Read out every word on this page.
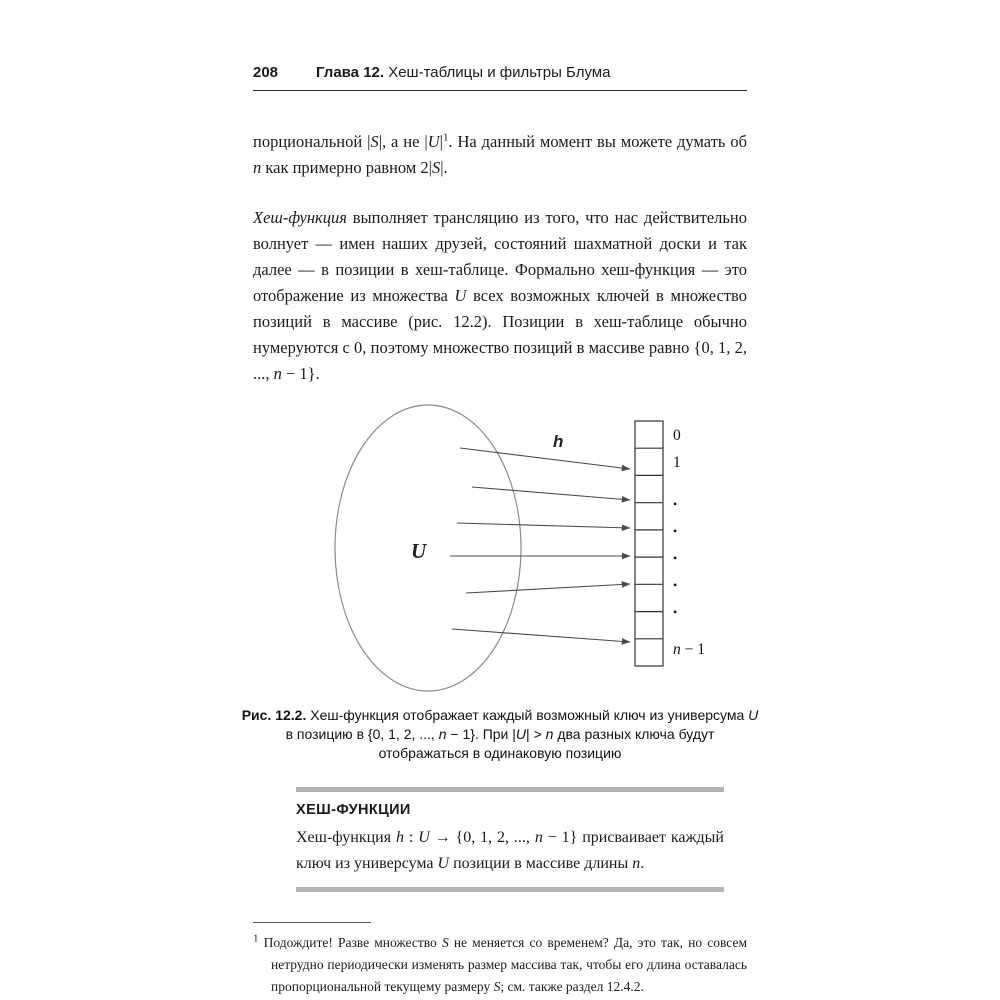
208	Глава 12. Хеш-таблицы и фильтры Блума

порциональной |S|, а не $|U|^1$. На данный момент вы можете думать об n как примерно равном 2|S|.

Хеш-функция выполняет трансляцию из того, что нас действительно волнует — имен наших друзей, состояний шахматной доски и так далее — в позиции в хеш-таблице. Формально хеш-функция — это отображение из множества U всех возможных ключей в множество позиций в массиве (рис. 12.2). Позиции в хеш-таблице обычно нумеруются с 0, поэтому множество позиций в массиве равно {0, 1, 2, ..., n − 1}.

U
h	0
1
•
•
•
•
•
n − 1
Рис. 12.2. Хеш-функция отображает каждый возможный ключ из универсума U в позицию в {0, 1, 2, ..., n − 1}. При |U| > n два разных ключа будут отображаться в одинаковую позицию
ХЕШ-ФУНКЦИИ

Хеш-функция h : U → {0, 1, 2, ..., n − 1} присваивает каждый ключ из универсума U позиции в массиве длины n.

$^1$ Подождите! Разве множество S не меняется со временем? Да, это так, но совсем нетрудно периодически изменять размер массива так, чтобы его длина оставалась пропорциональной текущему размеру S; см. также раздел 12.4.2.
